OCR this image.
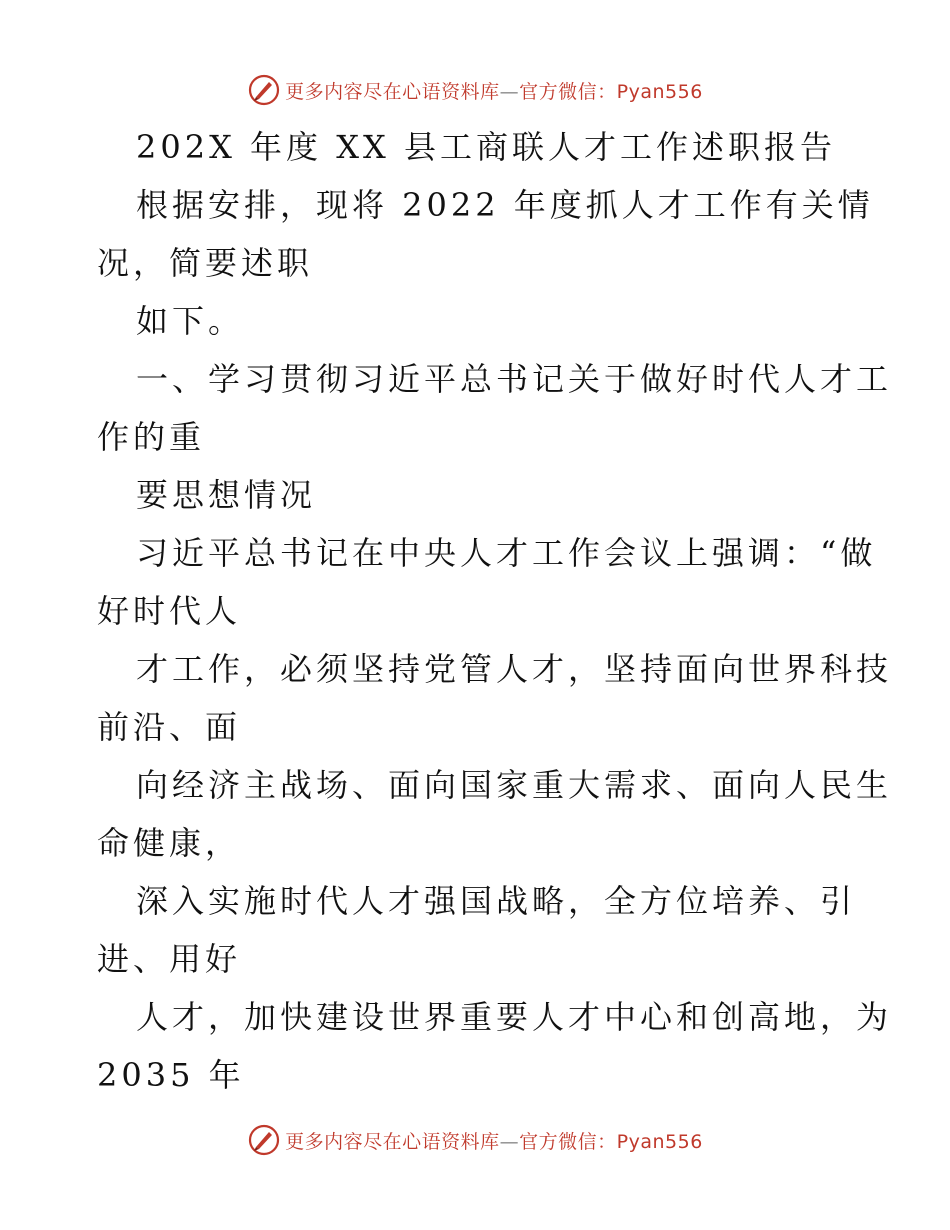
更多内容尽在心语资料库—官方微信：Pyan556
202X 年度 XX 县工商联人才工作述职报告
根据安排，现将 2022 年度抓人才工作有关情
况，简要述职
如下。
一、学习贯彻习近平总书记关于做好时代人才工
作的重
要思想情况
习近平总书记在中央人才工作会议上强调：“做
好时代人
才工作，必须坚持党管人才，坚持面向世界科技
前沿、面
向经济主战场、面向国家重大需求、面向人民生
命健康，
深入实施时代人才强国战略，全方位培养、引
进、用好
人才，加快建设世界重要人才中心和创高地，为
2035 年
更多内容尽在心语资料库—官方微信：Pyan556
